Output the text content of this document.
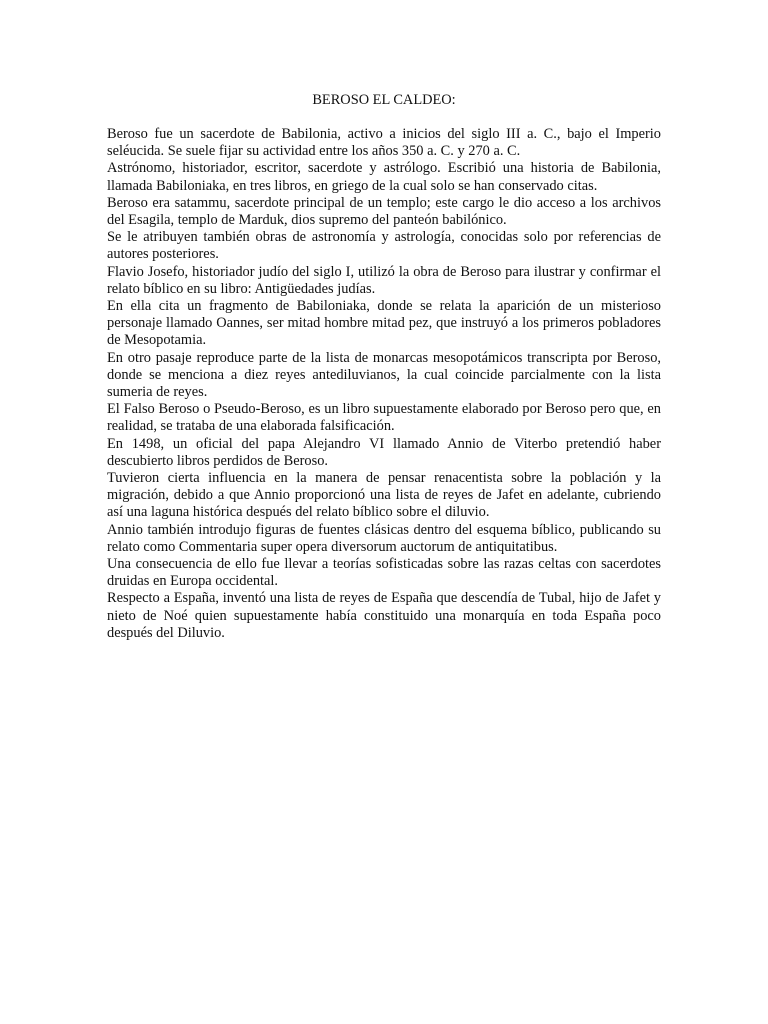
BEROSO EL CALDEO:

Beroso fue un sacerdote de Babilonia, activo a inicios del siglo III a. C., bajo el Imperio seléucida. Se suele fijar su actividad entre los años 350 a. C. y 270 a. C.

Astrónomo, historiador, escritor, sacerdote y astrólogo. Escribió una historia de Babilonia, llamada Babiloniaka, en tres libros, en griego de la cual solo se han conservado citas.

Beroso era satammu, sacerdote principal de un templo; este cargo le dio acceso a los archivos del Esagila, templo de Marduk, dios supremo del panteón babilónico.

Se le atribuyen también obras de astronomía y astrología, conocidas solo por referencias de autores posteriores.

Flavio Josefo, historiador judío del siglo I, utilizó la obra de Beroso para ilustrar y confirmar el relato bíblico en su libro: Antigüedades judías.

En ella cita un fragmento de Babiloniaka, donde se relata la aparición de un misterioso personaje llamado Oannes, ser mitad hombre mitad pez, que instruyó a los primeros pobladores de Mesopotamia.

En otro pasaje reproduce parte de la lista de monarcas mesopotámicos transcripta por Beroso, donde se menciona a diez reyes antediluvianos, la cual coincide parcialmente con la lista sumeria de reyes.

El Falso Beroso o Pseudo-Beroso, es un libro supuestamente elaborado por Beroso pero que, en realidad, se trataba de una elaborada falsificación.

En 1498, un oficial del papa Alejandro VI llamado Annio de Viterbo pretendió haber descubierto libros perdidos de Beroso.

Tuvieron cierta influencia en la manera de pensar renacentista sobre la población y la migración, debido a que Annio proporcionó una lista de reyes de Jafet en adelante, cubriendo así una laguna histórica después del relato bíblico sobre el diluvio.

Annio también introdujo figuras de fuentes clásicas dentro del esquema bíblico, publicando su relato como Commentaria super opera diversorum auctorum de antiquitatibus.

Una consecuencia de ello fue llevar a teorías sofisticadas sobre las razas celtas con sacerdotes druidas en Europa occidental.

Respecto a España, inventó una lista de reyes de España que descendía de Tubal, hijo de Jafet y nieto de Noé quien supuestamente había constituido una monarquía en toda España poco después del Diluvio.
